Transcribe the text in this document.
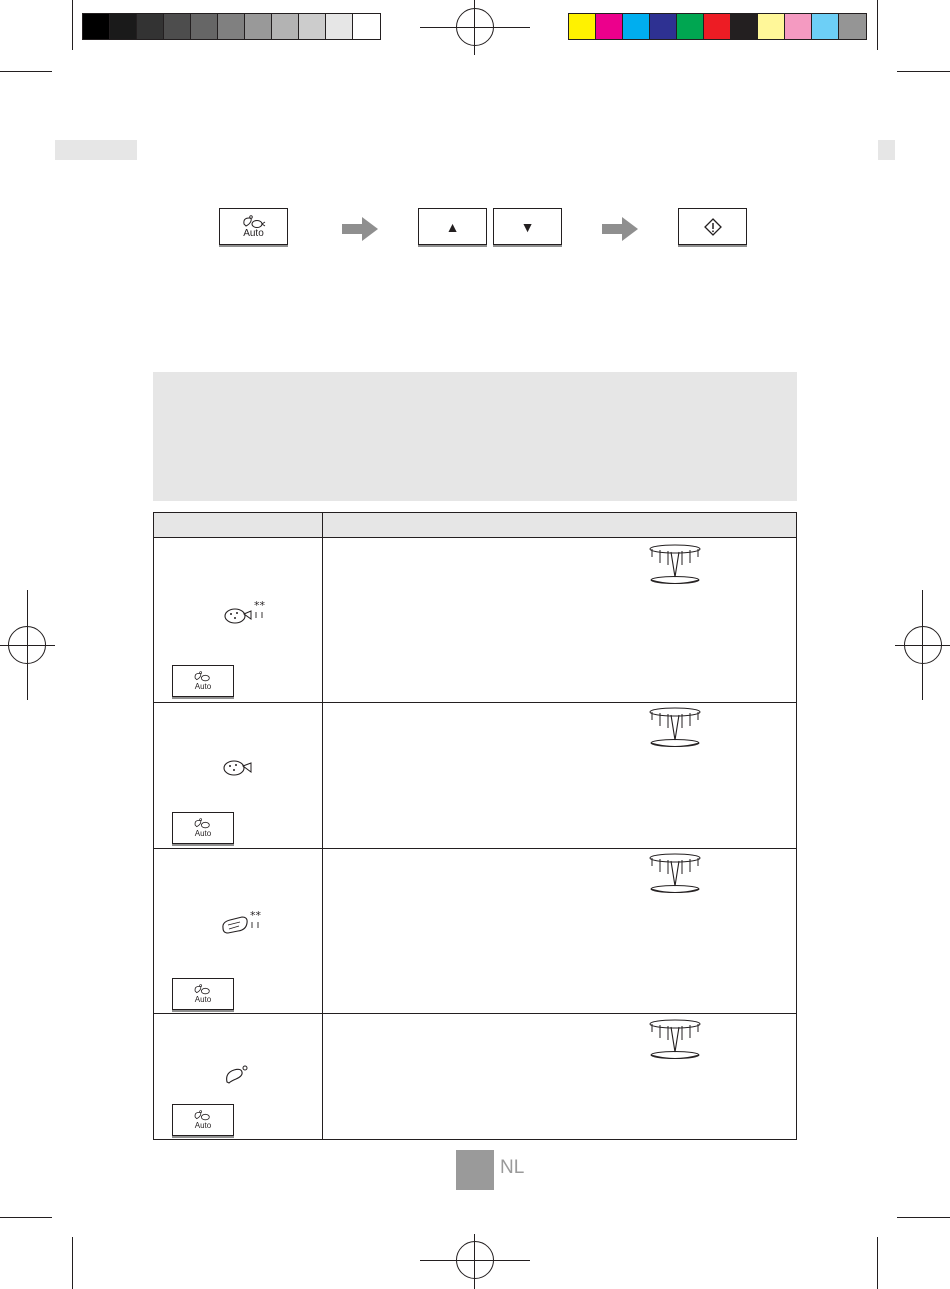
Auto	▲	▼
**
Auto
Auto
**
Auto
Auto
NL
